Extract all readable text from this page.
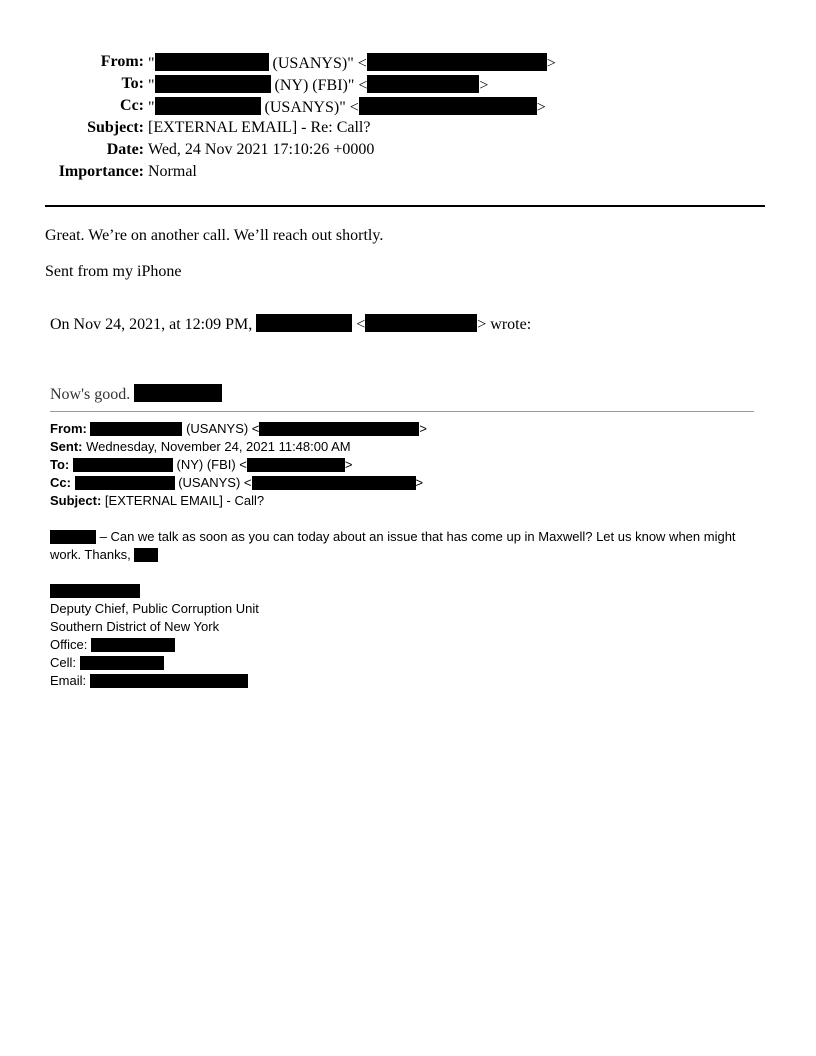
From: "	(USANYS)" <	>
To: "	(NY) (FBI)" <	>
Cc: "	(USANYS)" <	>
Subject: [EXTERNAL EMAIL] - Re: Call?
Date: Wed, 24 Nov 2021 17:10:26 +0000
Importance: Normal
Great. We’re on another call. We’ll reach out shortly.
Sent from my iPhone
On Nov 24, 2021, at 12:09 PM,	<	> wrote:
Now's good.
From:	(USANYS) <	>
Sent: Wednesday, November 24, 2021 11:48:00 AM
To:	(NY) (FBI) <	>
Cc:	(USANYS) <	>
Subject: [EXTERNAL EMAIL] - Call?
– Can we talk as soon as you can today about an issue that has come up in Maxwell? Let us know when might
work. Thanks,
Deputy Chief, Public Corruption Unit
Southern District of New York
Office:
Cell:
Email:
